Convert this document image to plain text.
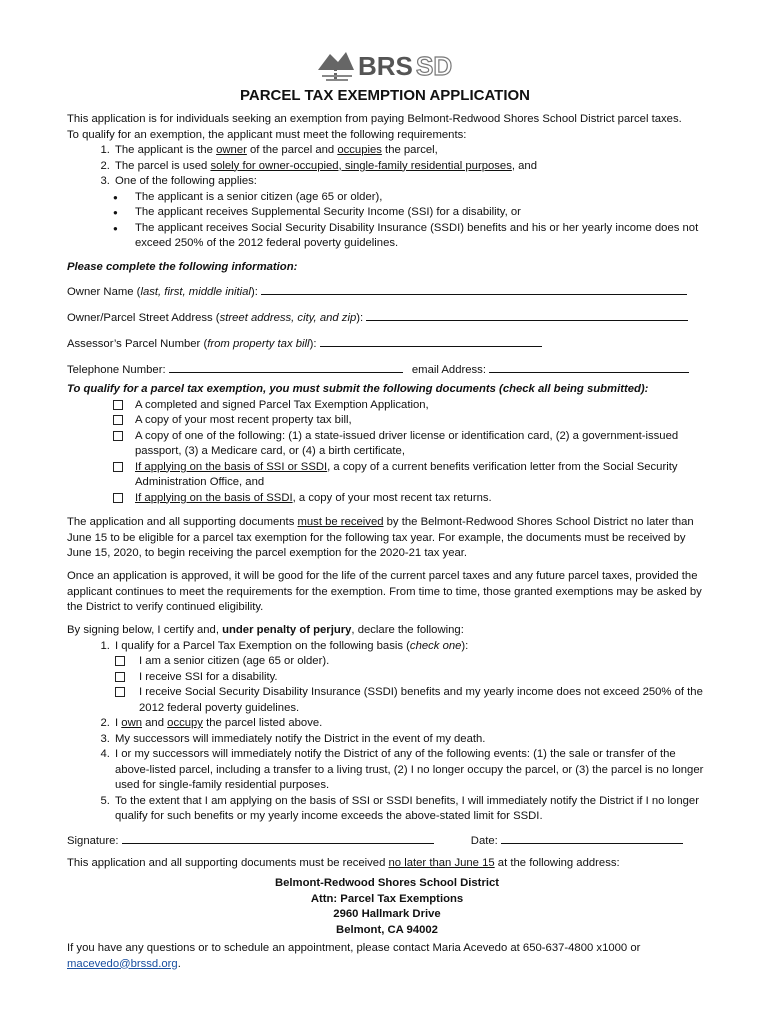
BRS SD
PARCEL TAX EXEMPTION APPLICATION

This application is for individuals seeking an exemption from paying Belmont-Redwood Shores School District parcel taxes.

To qualify for an exemption, the applicant must meet the following requirements:

1. The applicant is the owner of the parcel and occupies the parcel,
2. The parcel is used solely for owner-occupied, single-family residential purposes, and
3. One of the following applies:
● The applicant is a senior citizen (age 65 or older),
● The applicant receives Supplemental Security Income (SSI) for a disability, or
● The applicant receives Social Security Disability Insurance (SSDI) benefits and his or her yearly income does not exceed 250% of the 2012 federal poverty guidelines.

Please complete the following information:

Owner Name (last, first, middle initial):
Owner/Parcel Street Address (street address, city, and zip):
Assessor’s Parcel Number (from property tax bill):
Telephone Number:	email Address:

To qualify for a parcel tax exemption, you must submit the following documents (check all being submitted):

A completed and signed Parcel Tax Exemption Application,
A copy of your most recent property tax bill,
A copy of one of the following: (1) a state-issued driver license or identification card, (2) a government-issued passport, (3) a Medicare card, or (4) a birth certificate,
If applying on the basis of SSI or SSDI, a copy of a current benefits verification letter from the Social Security Administration Office, and
If applying on the basis of SSDI, a copy of your most recent tax returns.

The application and all supporting documents must be received by the Belmont-Redwood Shores School District no later than June 15 to be eligible for a parcel tax exemption for the following tax year. For example, the documents must be received by June 15, 2020, to begin receiving the parcel exemption for the 2020-21 tax year.

Once an application is approved, it will be good for the life of the current parcel taxes and any future parcel taxes, provided the applicant continues to meet the requirements for the exemption. From time to time, those granted exemptions may be asked by the District to verify continued eligibility.

By signing below, I certify and, under penalty of perjury, declare the following:

1. I qualify for a Parcel Tax Exemption on the following basis (check one):
I am a senior citizen (age 65 or older).
I receive SSI for a disability.
I receive Social Security Disability Insurance (SSDI) benefits and my yearly income does not exceed 250% of the 2012 federal poverty guidelines.
2. I own and occupy the parcel listed above.
3. My successors will immediately notify the District in the event of my death.
4. I or my successors will immediately notify the District of any of the following events: (1) the sale or transfer of the above-listed parcel, including a transfer to a living trust, (2) I no longer occupy the parcel, or (3) the parcel is no longer used for single-family residential purposes.
5. To the extent that I am applying on the basis of SSI or SSDI benefits, I will immediately notify the District if I no longer qualify for such benefits or my yearly income exceeds the above-stated limit for SSDI.
Signature:	Date:

This application and all supporting documents must be received no later than June 15 at the following address:

Belmont-Redwood Shores School District

Attn: Parcel Tax Exemptions

2960 Hallmark Drive

Belmont, CA 94002

If you have any questions or to schedule an appointment, please contact Maria Acevedo at 650-637-4800 x1000 or macevedo@brssd.org.
